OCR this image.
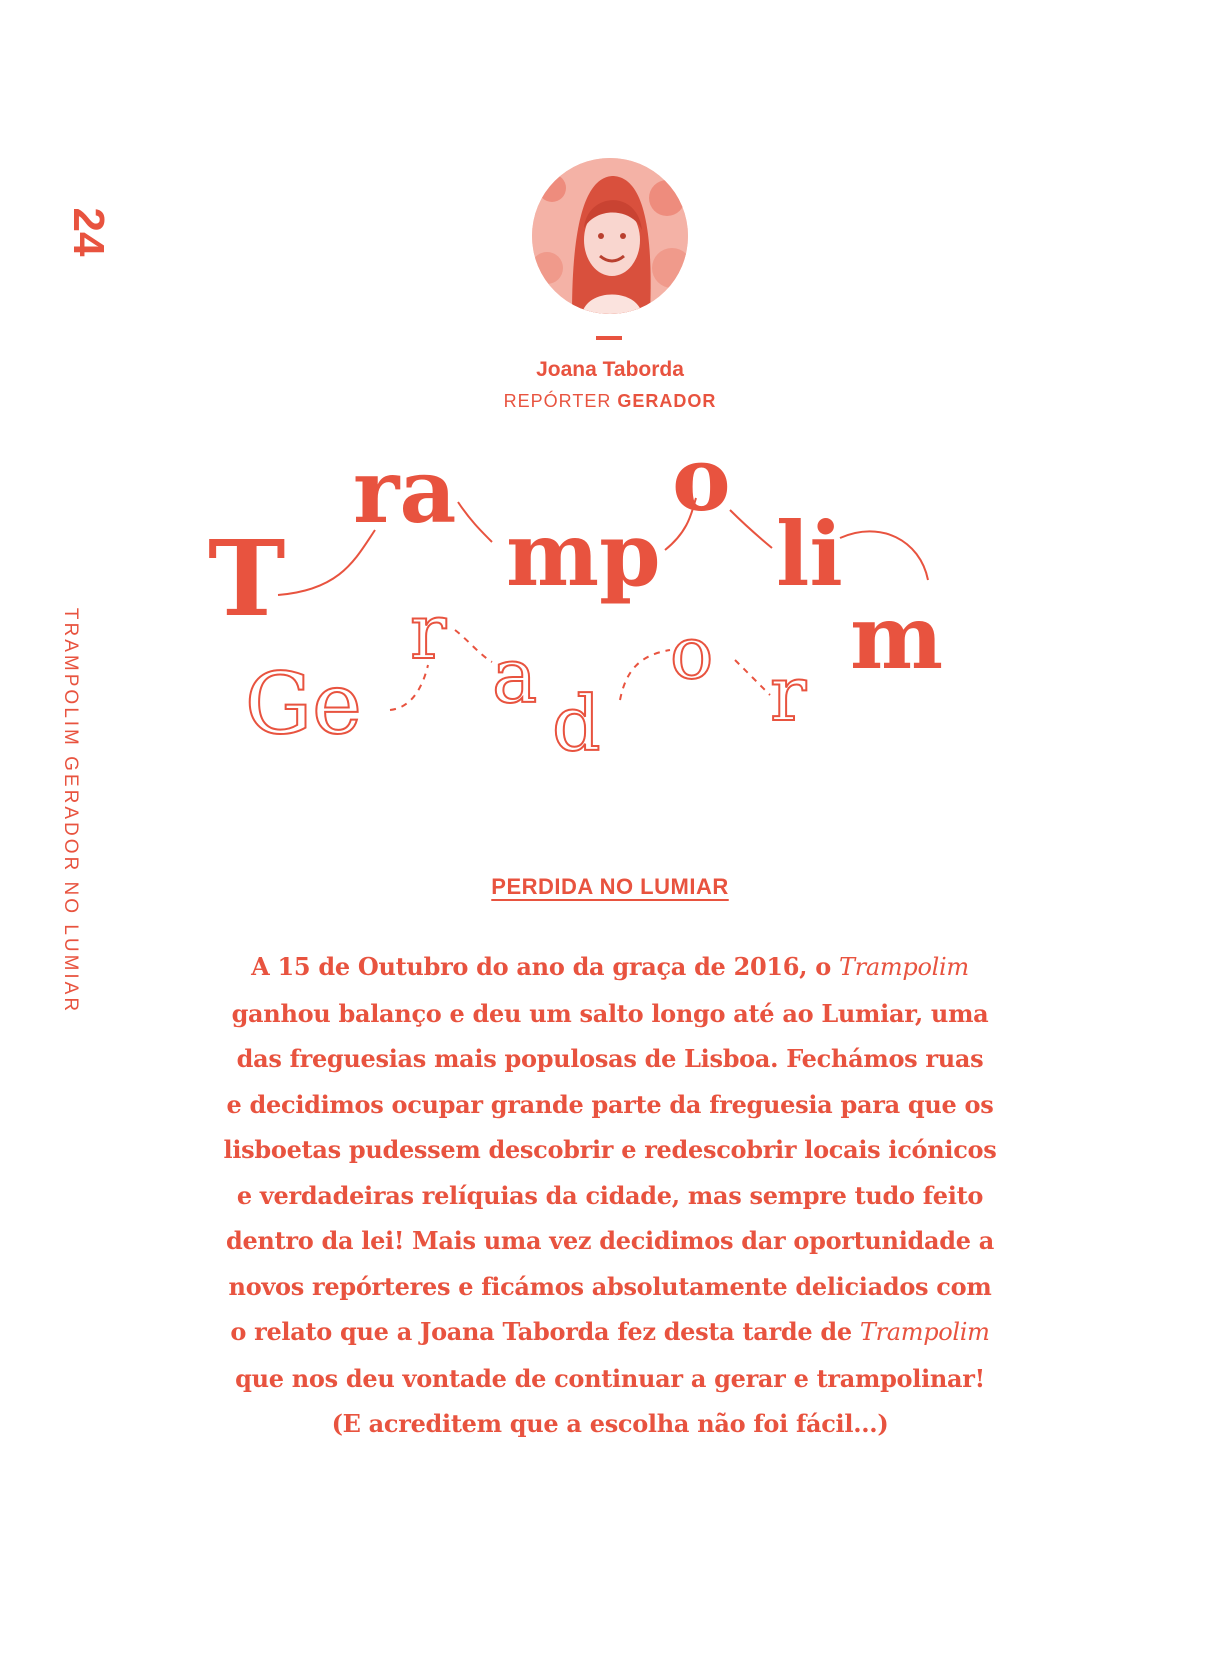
24
TRAMPOLIM GERADOR NO LUMIAR
Joana Taborda
REPÓRTER GERADOR
T
ra
mp
o
li
m
Ge
r a
d
o r
PERDIDA NO LUMIAR
A 15 de Outubro do ano da graça de 2016, o Trampolim
ganhou balanço e deu um salto longo até ao Lumiar, uma
das freguesias mais populosas de Lisboa. Fechámos ruas
e decidimos ocupar grande parte da freguesia para que os
lisboetas pudessem descobrir e redescobrir locais icónicos
e verdadeiras relíquias da cidade, mas sempre tudo feito
dentro da lei! Mais uma vez decidimos dar oportunidade a
novos repórteres e ficámos absolutamente deliciados com
o relato que a Joana Taborda fez desta tarde de Trampolim
que nos deu vontade de continuar a gerar e trampolinar!
(E acreditem que a escolha não foi fácil...)
